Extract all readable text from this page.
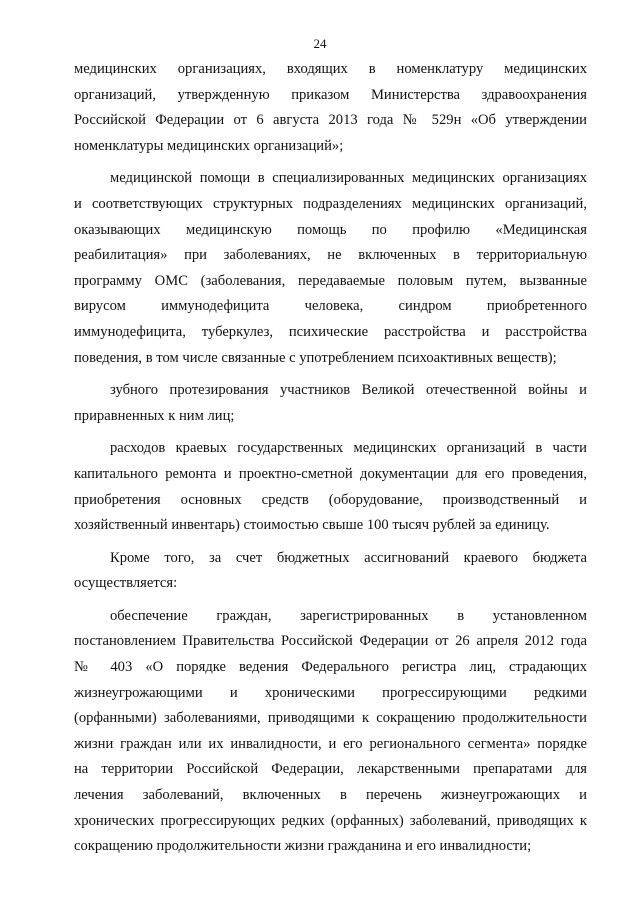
24
медицинских организациях, входящих в номенклатуру медицинских
организаций, утвержденную приказом Министерства здравоохранения
Российской Федерации от 6 августа 2013 года № 529н «Об утверждении
номенклатуры медицинских организаций»;
медицинской помощи в специализированных медицинских организациях
и соответствующих структурных подразделениях медицинских организаций,
оказывающих медицинскую помощь по профилю «Медицинская
реабилитация» при заболеваниях, не включенных в территориальную
программу ОМС (заболевания, передаваемые половым путем, вызванные
вирусом иммунодефицита человека, синдром приобретенного
иммунодефицита, туберкулез, психические расстройства и расстройства
поведения, в том числе связанные с употреблением психоактивных веществ);
зубного протезирования участников Великой отечественной войны и
приравненных к ним лиц;
расходов краевых государственных медицинских организаций в части
капитального ремонта и проектно-сметной документации для его проведения,
приобретения основных средств (оборудование, производственный и
хозяйственный инвентарь) стоимостью свыше 100 тысяч рублей за единицу.
Кроме того, за счет бюджетных ассигнований краевого бюджета
осуществляется:
обеспечение граждан, зарегистрированных в установленном
постановлением Правительства Российской Федерации от 26 апреля 2012 года
№ 403 «О порядке ведения Федерального регистра лиц, страдающих
жизнеугрожающими и хроническими прогрессирующими редкими
(орфанными) заболеваниями, приводящими к сокращению продолжительности
жизни граждан или их инвалидности, и его регионального сегмента» порядке
на территории Российской Федерации, лекарственными препаратами для
лечения заболеваний, включенных в перечень жизнеугрожающих и
хронических прогрессирующих редких (орфанных) заболеваний, приводящих к
сокращению продолжительности жизни гражданина и его инвалидности;
